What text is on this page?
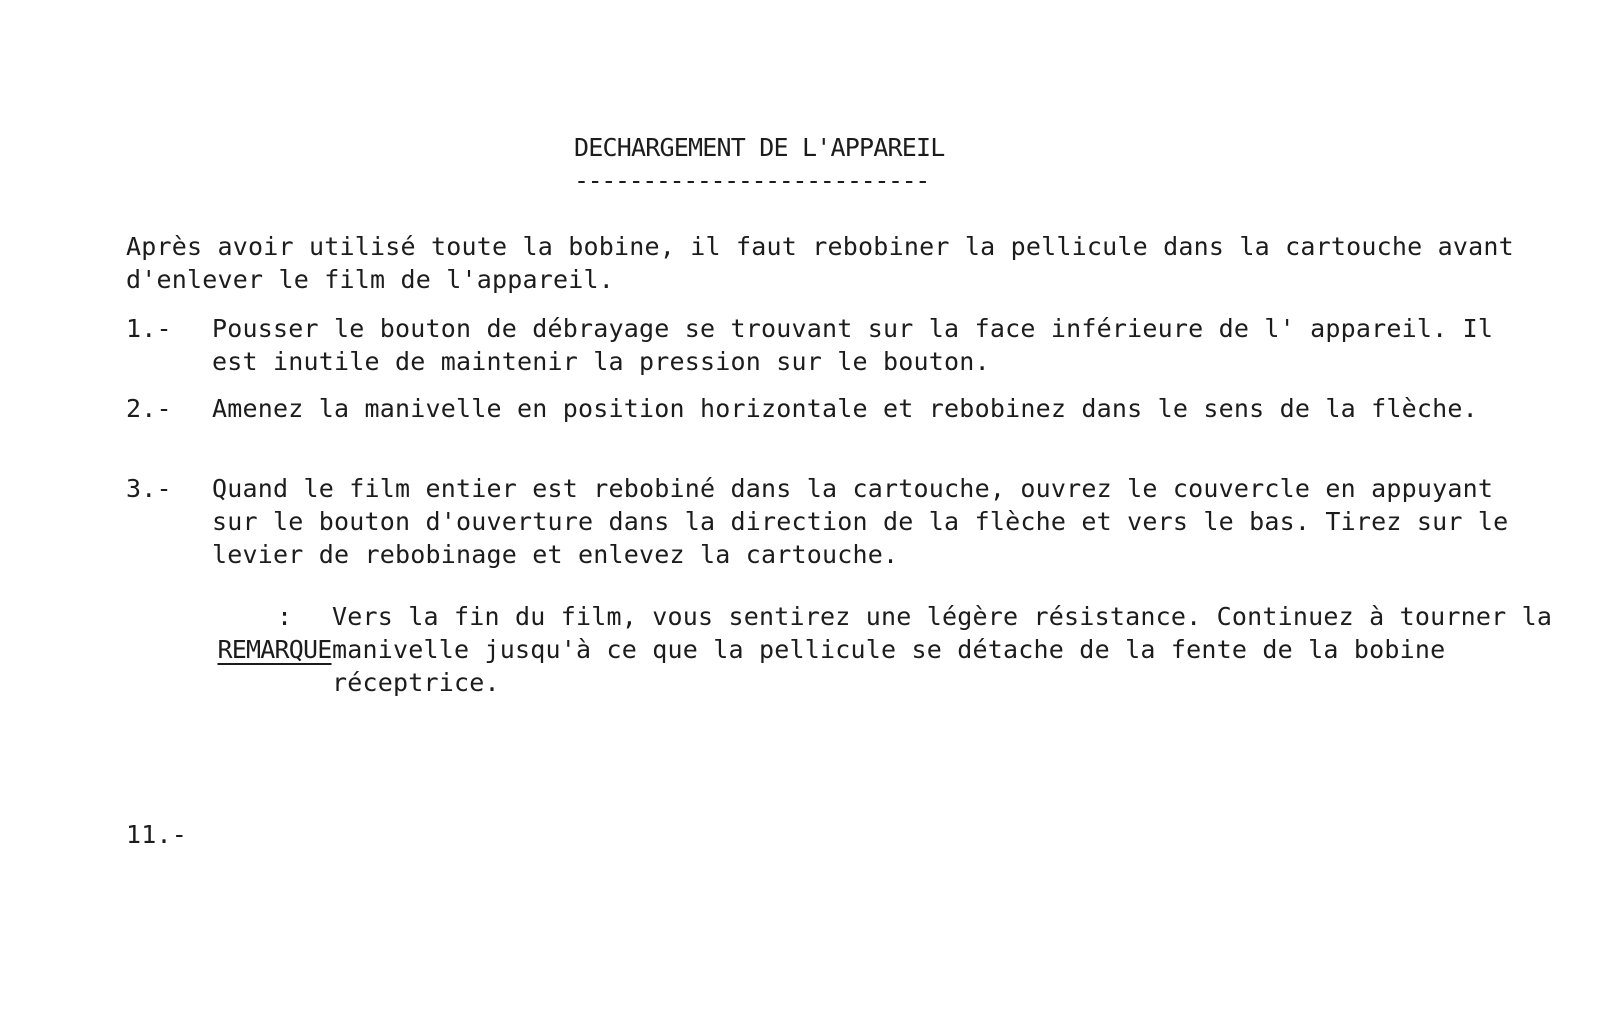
DECHARGEMENT DE L'APPAREIL
--------------------------
Après avoir utilisé toute la bobine, il faut rebobiner la pellicule dans la cartouche avant d'enlever le film de l'appareil.

1.-

	Pousser le bouton de débrayage se trouvant sur la face inférieure de l' appareil. Il est inutile de maintenir la pression sur le bouton.

2.-

	Amenez la manivelle en position horizontale et rebobinez dans le sens de la flèche.

3.-

	Quand le film entier est rebobiné dans la cartouche, ouvrez le couvercle en appuyant sur le bouton d'ouverture dans la direction de la flèche et vers le bas. Tirez sur le levier de rebobinage et enlevez la cartouche.

REMARQUE

:

Vers la fin du film, vous sentirez une légère résistance. Continuez à tourner la manivelle jusqu'à ce que la pellicule se détache de la fente de la bobine réceptrice.

11.-
